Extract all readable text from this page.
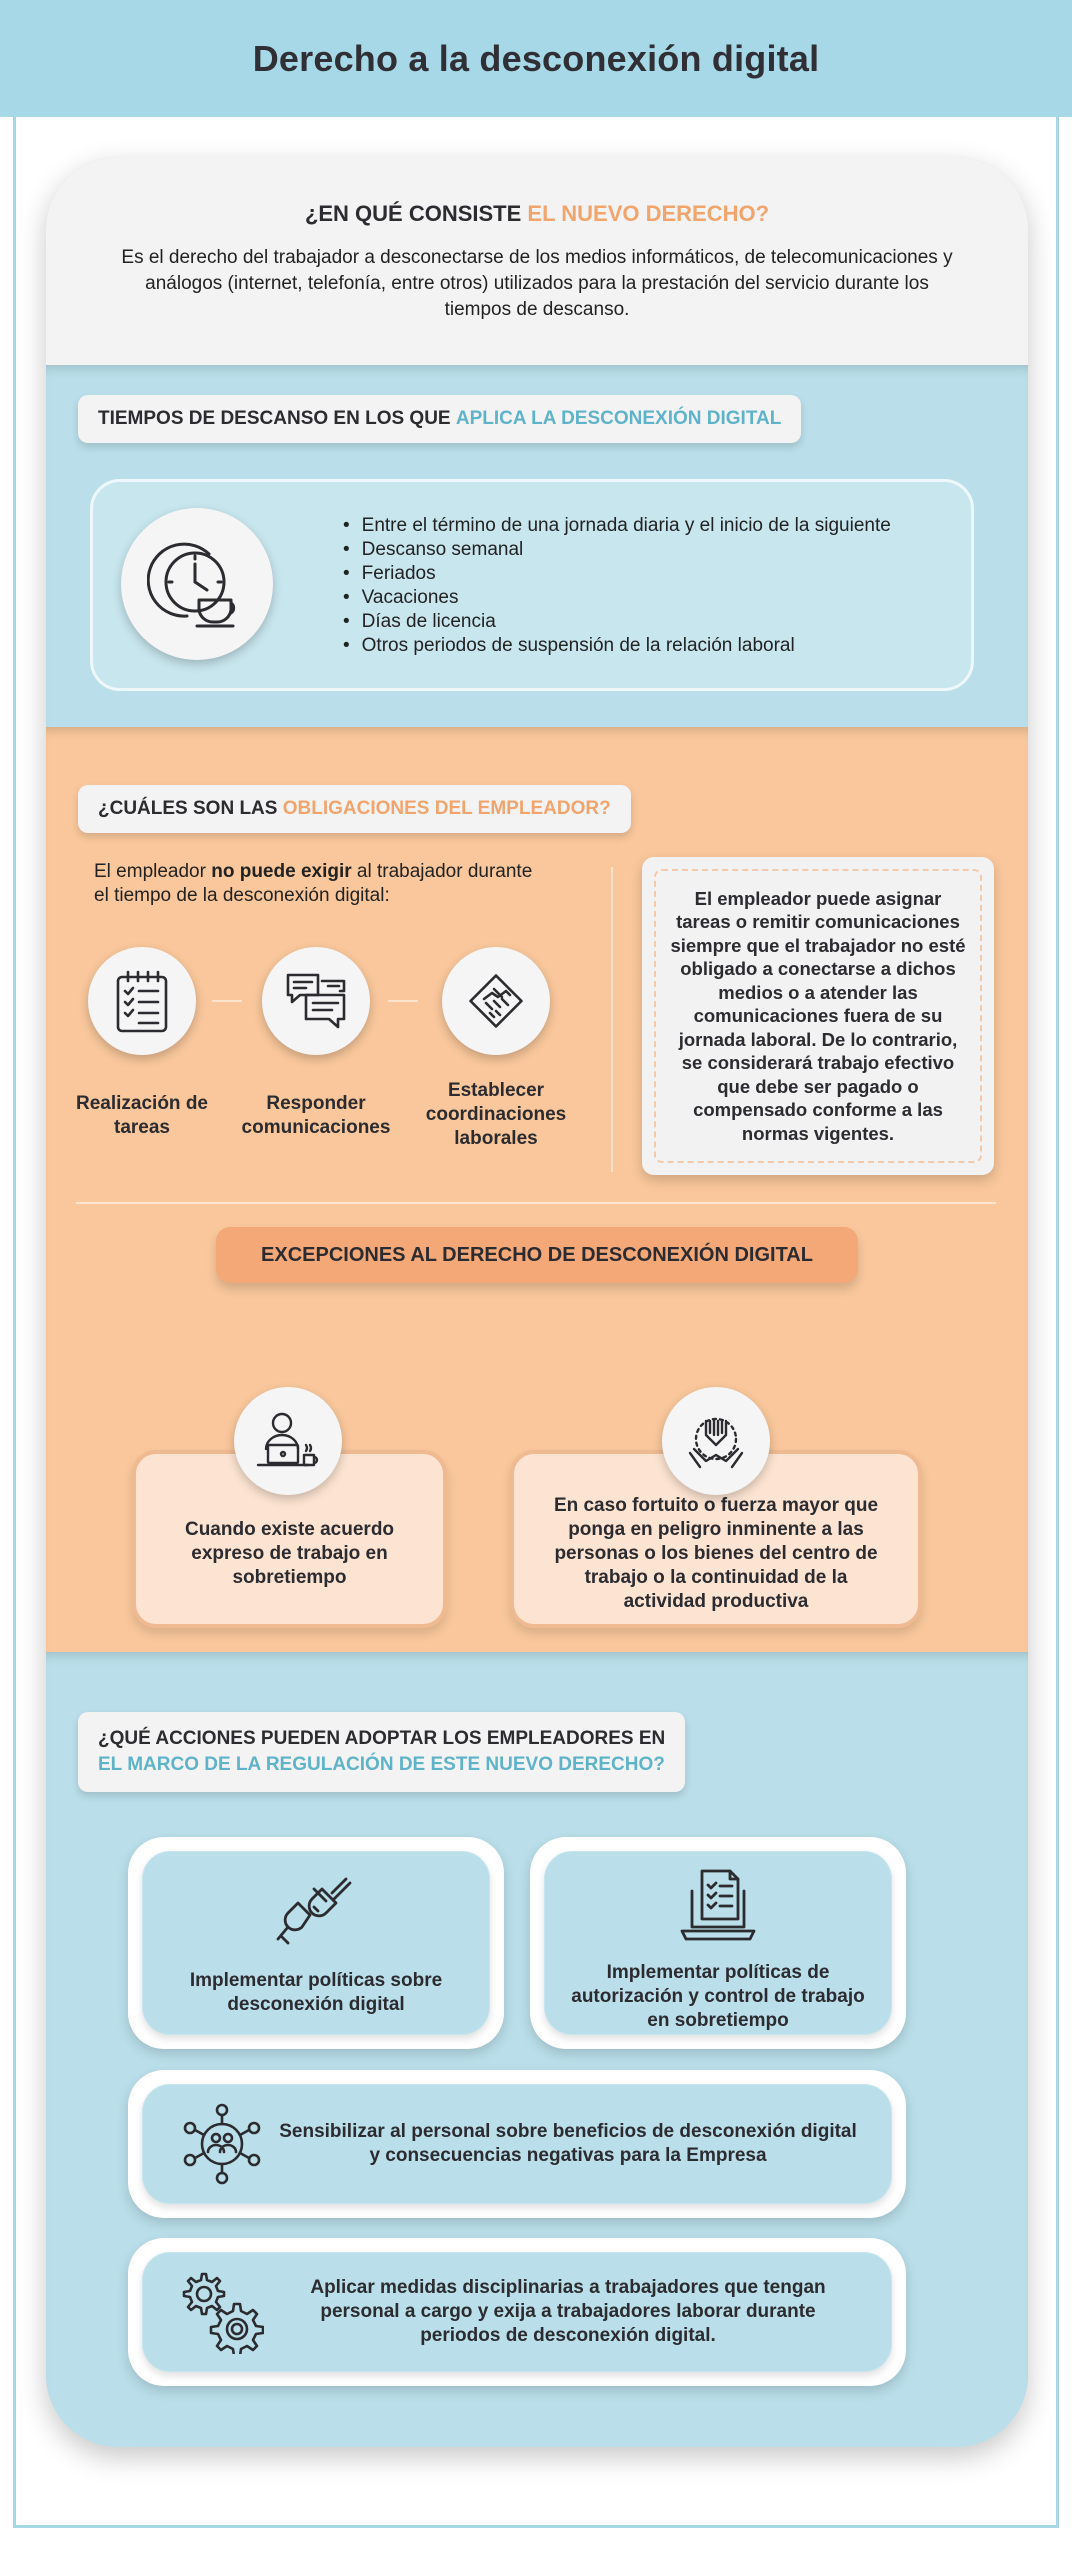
Derecho a la desconexión digital
¿EN QUÉ CONSISTE EL NUEVO DERECHO?

Es el derecho del trabajador a desconectarse de los medios informáticos, de telecomunicaciones y análogos (internet, telefonía, entre otros) utilizados para la prestación del servicio durante los tiempos de descanso.

TIEMPOS DE DESCANSO EN LOS QUE
APLICA LA DESCONEXIÓN DIGITAL
• Entre el término de una jornada diaria y el inicio de la siguiente
• Descanso semanal
• Feriados
• Vacaciones
• Días de licencia
• Otros periodos de suspensión de la relación laboral
¿CUÁLES SON LAS
OBLIGACIONES DEL EMPLEADOR?
El empleador no puede exigir al trabajador durante el tiempo de la desconexión digital:
Realización de tareas
Responder comunicaciones
Establecer coordinaciones laborales
El empleador puede asignar tareas o remitir comunicaciones siempre que el trabajador no esté obligado a conectarse a dichos medios o a atender las comunicaciones fuera de su jornada laboral. De lo contrario, se considerará trabajo efectivo que debe ser pagado o compensado conforme a las normas vigentes.
EXCEPCIONES AL DERECHO DE DESCONEXIÓN DIGITAL
Cuando existe acuerdo expreso de trabajo en sobretiempo
En caso fortuito o fuerza mayor que ponga en peligro inminente a las personas o los bienes del centro de trabajo o la continuidad de la actividad productiva
¿QUÉ ACCIONES PUEDEN ADOPTAR LOS EMPLEADORES EN
EL MARCO DE LA REGULACIÓN DE ESTE NUEVO DERECHO?
Implementar políticas sobre desconexión digital
Implementar políticas de autorización y control de trabajo en sobretiempo
Sensibilizar al personal sobre beneficios de desconexión digital y consecuencias negativas para la Empresa
Aplicar medidas disciplinarias a trabajadores que tengan personal a cargo y exija a trabajadores laborar durante periodos de desconexión digital.
